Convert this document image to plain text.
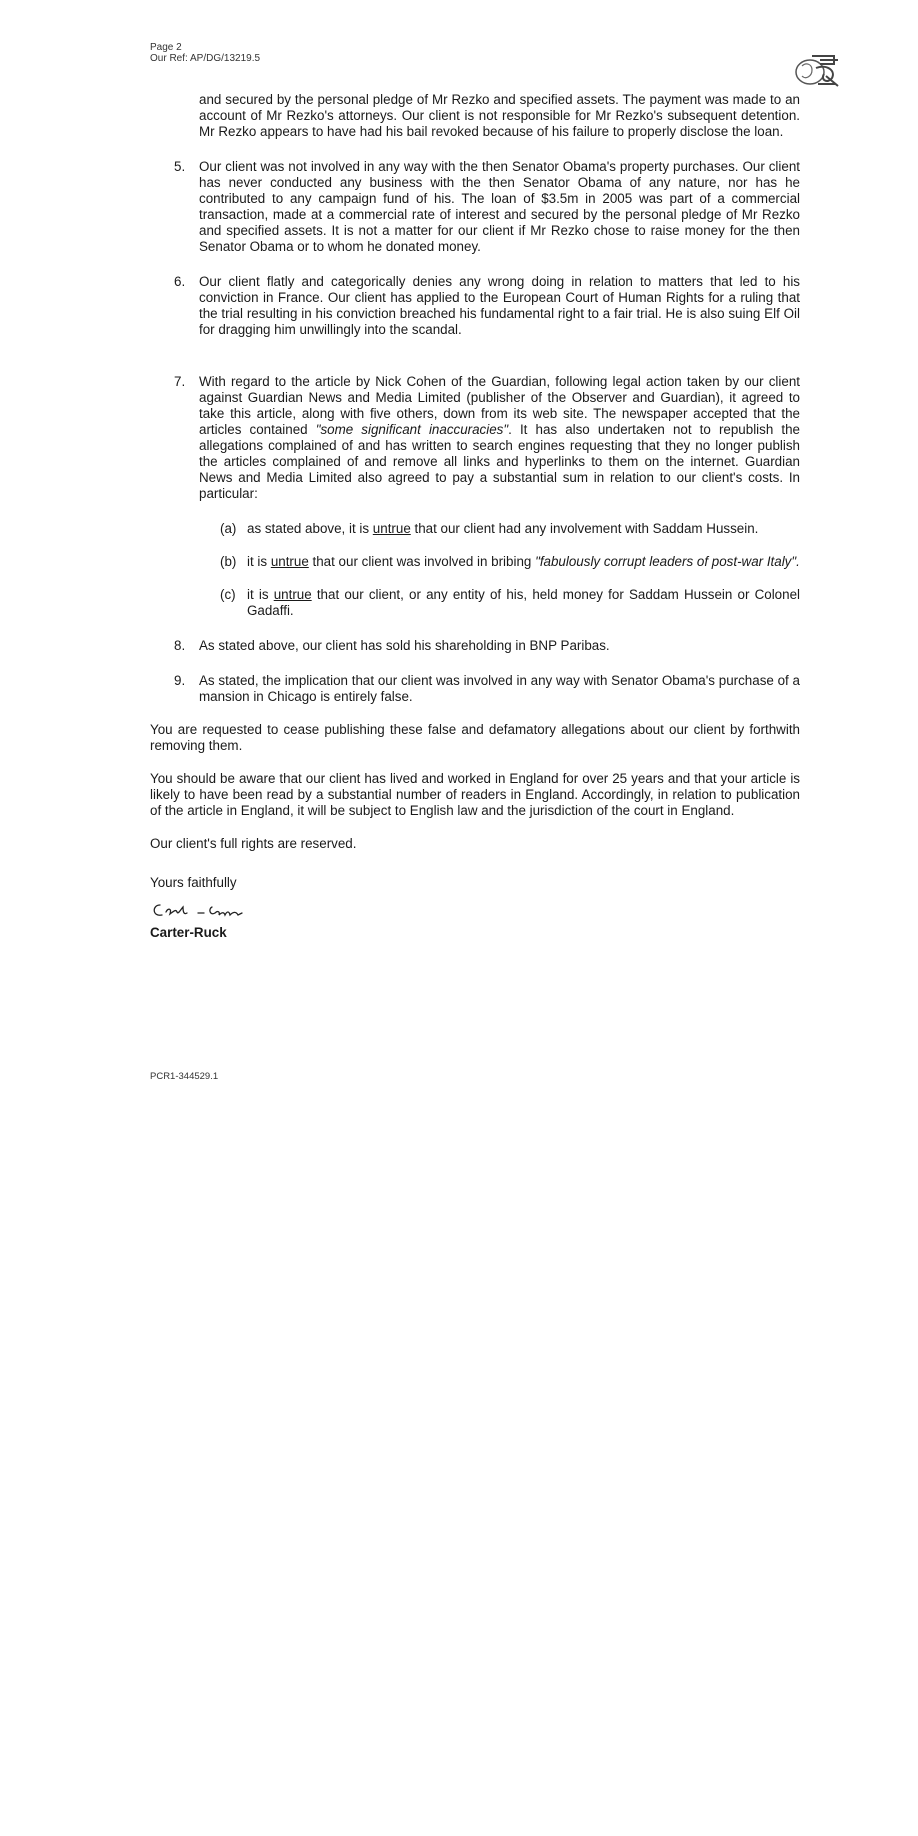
Page 2
Our Ref: AP/DG/13219.5

and secured by the personal pledge of Mr Rezko and specified assets. The payment was made to an account of Mr Rezko's attorneys. Our client is not responsible for Mr Rezko's subsequent detention. Mr Rezko appears to have had his bail revoked because of his failure to properly disclose the loan.

5.	Our client was not involved in any way with the then Senator Obama's property purchases. Our client has never conducted any business with the then Senator Obama of any nature, nor has he contributed to any campaign fund of his. The loan of $3.5m in 2005 was part of a commercial transaction, made at a commercial rate of interest and secured by the personal pledge of Mr Rezko and specified assets. It is not a matter for our client if Mr Rezko chose to raise money for the then Senator Obama or to whom he donated money.
6.	Our client flatly and categorically denies any wrong doing in relation to matters that led to his conviction in France. Our client has applied to the European Court of Human Rights for a ruling that the trial resulting in his conviction breached his fundamental right to a fair trial. He is also suing Elf Oil for dragging him unwillingly into the scandal.
7.	With regard to the article by Nick Cohen of the Guardian, following legal action taken by our client against Guardian News and Media Limited (publisher of the Observer and Guardian), it agreed to take this article, along with five others, down from its web site. The newspaper accepted that the articles contained "some significant inaccuracies". It has also undertaken not to republish the allegations complained of and has written to search engines requesting that they no longer publish the articles complained of and remove all links and hyperlinks to them on the internet. Guardian News and Media Limited also agreed to pay a substantial sum in relation to our client's costs. In particular:
(a) as stated above, it is untrue that our client had any involvement with Saddam Hussein.
(b) it is untrue that our client was involved in bribing "fabulously corrupt leaders of post-war Italy".
(c) it is untrue that our client, or any entity of his, held money for Saddam Hussein or Colonel Gadaffi.
8.	As stated above, our client has sold his shareholding in BNP Paribas.
9.	As stated, the implication that our client was involved in any way with Senator Obama's purchase of a mansion in Chicago is entirely false.
You are requested to cease publishing these false and defamatory allegations about our client by forthwith removing them.
You should be aware that our client has lived and worked in England for over 25 years and that your article is likely to have been read by a substantial number of readers in England. Accordingly, in relation to publication of the article in England, it will be subject to English law and the jurisdiction of the court in England.
Our client's full rights are reserved.
Yours faithfully
Carter-Ruck
PCR1-344529.1
